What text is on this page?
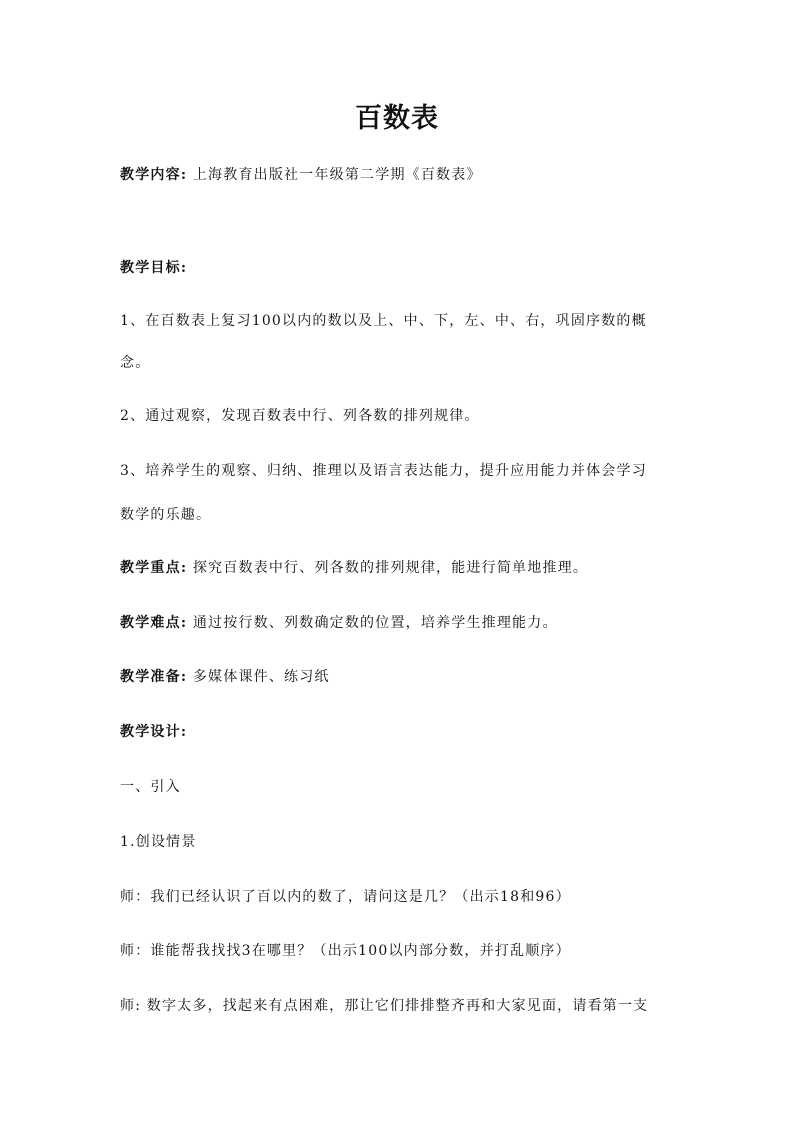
百数表
教学内容: 上海教育出版社一年级第二学期《百数表》
教学目标:
1、在百数表上复习100以内的数以及上、中、下，左、中、右，巩固序数的概
念。
2、通过观察，发现百数表中行、列各数的排列规律。
3、培养学生的观察、归纳、推理以及语言表达能力，提升应用能力并体会学习
数学的乐趣。
教学重点: 探究百数表中行、列各数的排列规律，能进行简单地推理。
教学难点: 通过按行数、列数确定数的位置，培养学生推理能力。
教学准备: 多媒体课件、练习纸
教学设计:
一、引入
1.创设情景
师：我们已经认识了百以内的数了，请问这是几？（出示18和96）
师：谁能帮我找找3在哪里？（出示100以内部分数，并打乱顺序）
师: 数字太多，找起来有点困难，那让它们排排整齐再和大家见面，请看第一支
